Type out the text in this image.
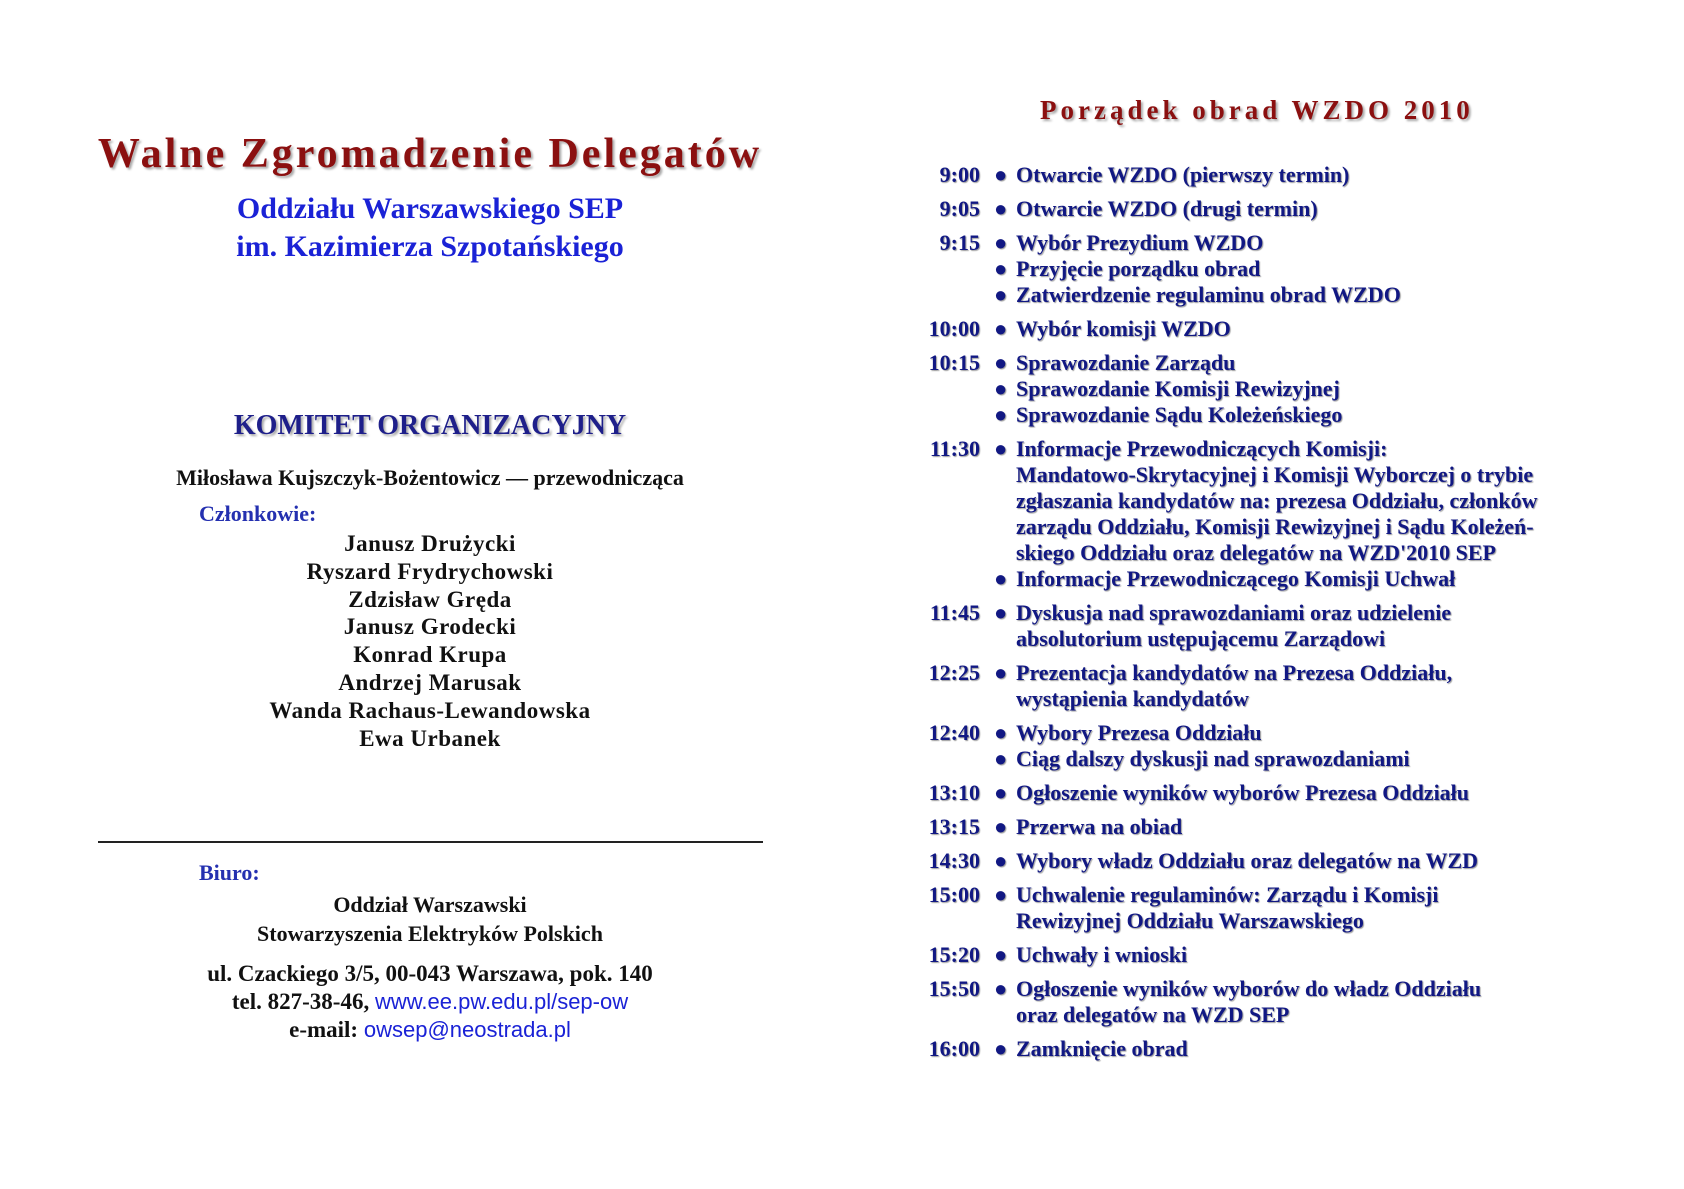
Walne Zgromadzenie Delegatów

Oddziału Warszawskiego SEP

im. Kazimierza Szpotańskiego

KOMITET ORGANIZACYJNY
Miłosława Kujszczyk-Bożentowicz — przewodnicząca
Członkowie:
Janusz Drużycki
Ryszard Frydrychowski
Zdzisław Gręda
Janusz Grodecki
Konrad Krupa
Andrzej Marusak
Wanda Rachaus-Lewandowska
Ewa Urbanek
Biuro:
Oddział Warszawski
Stowarzyszenia Elektryków Polskich
ul. Czackiego 3/5, 00-043 Warszawa, pok. 140
tel. 827-38-46, www.ee.pw.edu.pl/sep-ow
e-mail: owsep@neostrada.pl
Porządek obrad WZDO 2010
9:00 ● Otwarcie WZDO (pierwszy termin)
9:05 ● Otwarcie WZDO (drugi termin)
9:15 ● Wybór Prezydium WZDO
● Przyjęcie porządku obrad
● Zatwierdzenie regulaminu obrad WZDO
10:00 ● Wybór komisji WZDO
10:15 ● Sprawozdanie Zarządu
● Sprawozdanie Komisji Rewizyjnej
● Sprawozdanie Sądu Koleżeńskiego
11:30 ● Informacje Przewodniczących Komisji:
Mandatowo-Skrytacyjnej i Komisji Wyborczej o trybie
zgłaszania kandydatów na: prezesa Oddziału, członków
zarządu Oddziału, Komisji Rewizyjnej i Sądu Koleżeń-
skiego Oddziału oraz delegatów na WZD'2010 SEP
● Informacje Przewodniczącego Komisji Uchwał
11:45 ● Dyskusja nad sprawozdaniami oraz udzielenie
absolutorium ustępującemu Zarządowi
12:25 ● Prezentacja kandydatów na Prezesa Oddziału,
wystąpienia kandydatów
12:40 ● Wybory Prezesa Oddziału
● Ciąg dalszy dyskusji nad sprawozdaniami
13:10 ● Ogłoszenie wyników wyborów Prezesa Oddziału
13:15 ● Przerwa na obiad
14:30 ● Wybory władz Oddziału oraz delegatów na WZD
15:00 ● Uchwalenie regulaminów: Zarządu i Komisji
Rewizyjnej Oddziału Warszawskiego
15:20 ● Uchwały i wnioski
15:50 ● Ogłoszenie wyników wyborów do władz Oddziału
oraz delegatów na WZD SEP
16:00 ● Zamknięcie obrad
